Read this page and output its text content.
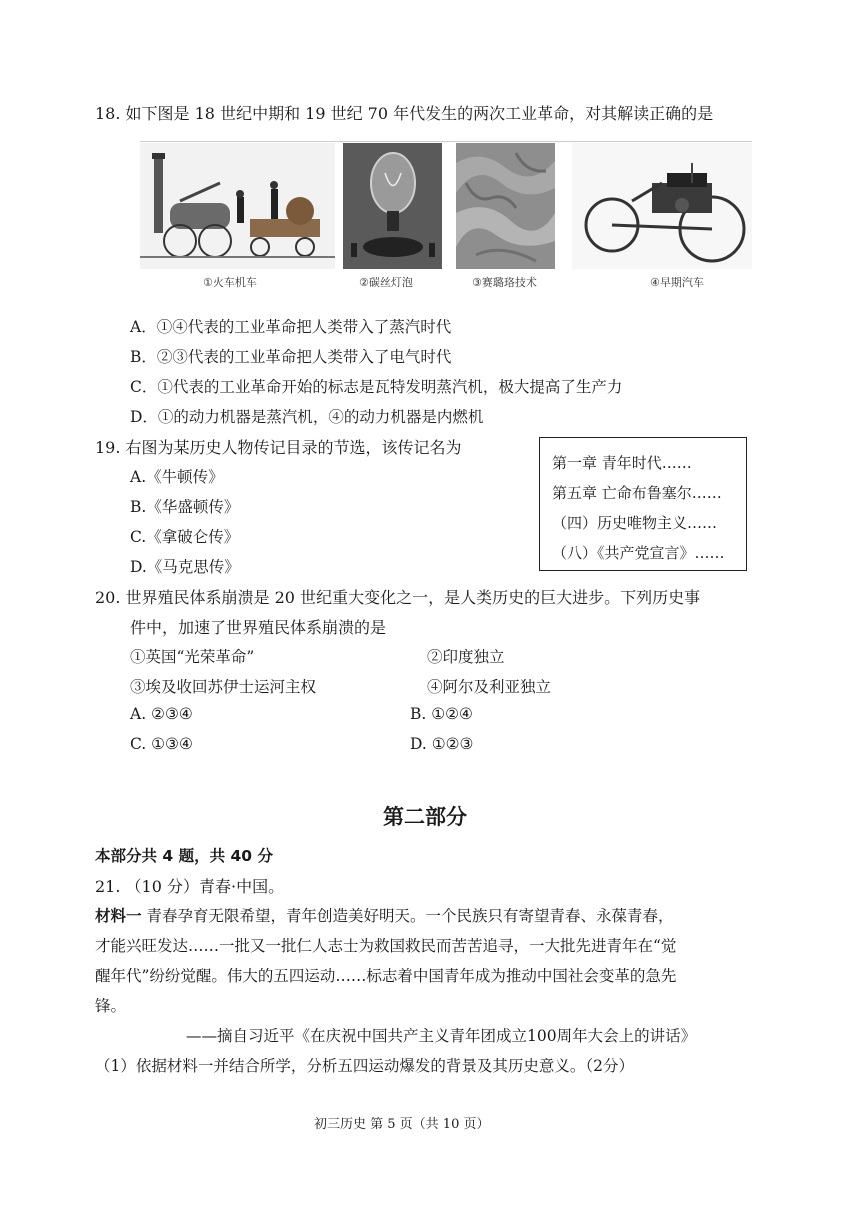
18. 如下图是 18 世纪中期和 19 世纪 70 年代发生的两次工业革命，对其解读正确的是
①火车机车	②碳丝灯泡	③赛璐珞技术	④早期汽车
A．①④代表的工业革命把人类带入了蒸汽时代
B．②③代表的工业革命把人类带入了电气时代
C．①代表的工业革命开始的标志是瓦特发明蒸汽机，极大提高了生产力
D．①的动力机器是蒸汽机，④的动力机器是内燃机
19. 右图为某历史人物传记目录的节选，该传记名为
A.《牛顿传》
B.《华盛顿传》
C.《拿破仑传》
D.《马克思传》
第一章 青年时代……
第五章 亡命布鲁塞尔……
（四）历史唯物主义……
（八）《共产党宣言》……
20. 世界殖民体系崩溃是 20 世纪重大变化之一，是人类历史的巨大进步。下列历史事
件中，加速了世界殖民体系崩溃的是
①英国“光荣革命”	②印度独立
③埃及收回苏伊士运河主权	④阿尔及利亚独立
A. ②③④	B. ①②④
C. ①③④	D. ①②③
第二部分
本部分共 4 题，共 40 分
21. （10 分）青春·中国。
材料一 青春孕育无限希望，青年创造美好明天。一个民族只有寄望青春、永葆青春，
才能兴旺发达……一批又一批仁人志士为救国救民而苦苦追寻，一大批先进青年在“觉
醒年代”纷纷觉醒。伟大的五四运动……标志着中国青年成为推动中国社会变革的急先
锋。
——摘自习近平《在庆祝中国共产主义青年团成立100周年大会上的讲话》
（1）依据材料一并结合所学，分析五四运动爆发的背景及其历史意义。（2分）
初三历史 第 5 页（共 10 页）
